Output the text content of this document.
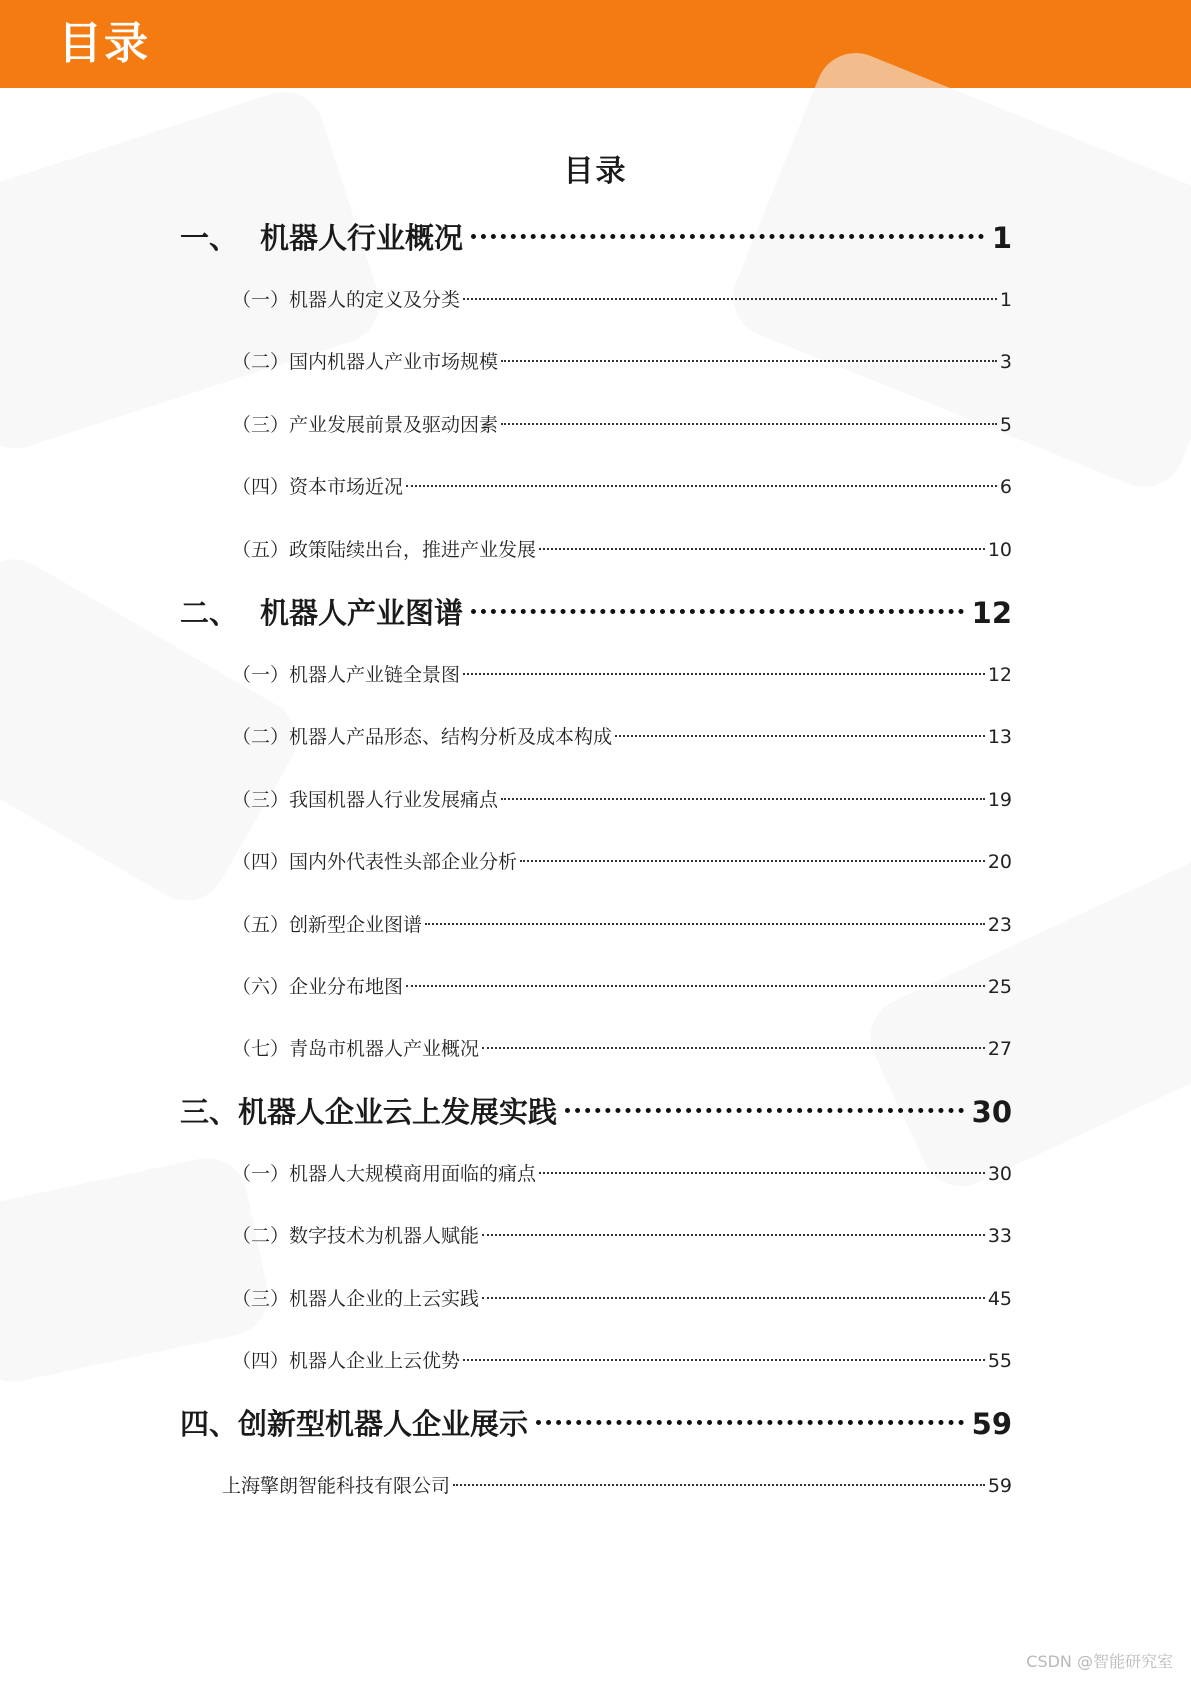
目录
目录
一、 机器人行业概况	1
（一）机器人的定义及分类	1
（二）国内机器人产业市场规模	3
（三）产业发展前景及驱动因素	5
（四）资本市场近况	6
（五）政策陆续出台，推进产业发展	10
二、 机器人产业图谱	12
（一）机器人产业链全景图	12
（二）机器人产品形态、结构分析及成本构成	13
（三）我国机器人行业发展痛点	19
（四）国内外代表性头部企业分析	20
（五）创新型企业图谱	23
（六）企业分布地图	25
（七）青岛市机器人产业概况	27
三、机器人企业云上发展实践	30
（一）机器人大规模商用面临的痛点	30
（二）数字技术为机器人赋能	33
（三）机器人企业的上云实践	45
（四）机器人企业上云优势	55
四、创新型机器人企业展示	59
上海擎朗智能科技有限公司	59
CSDN @智能研究室
